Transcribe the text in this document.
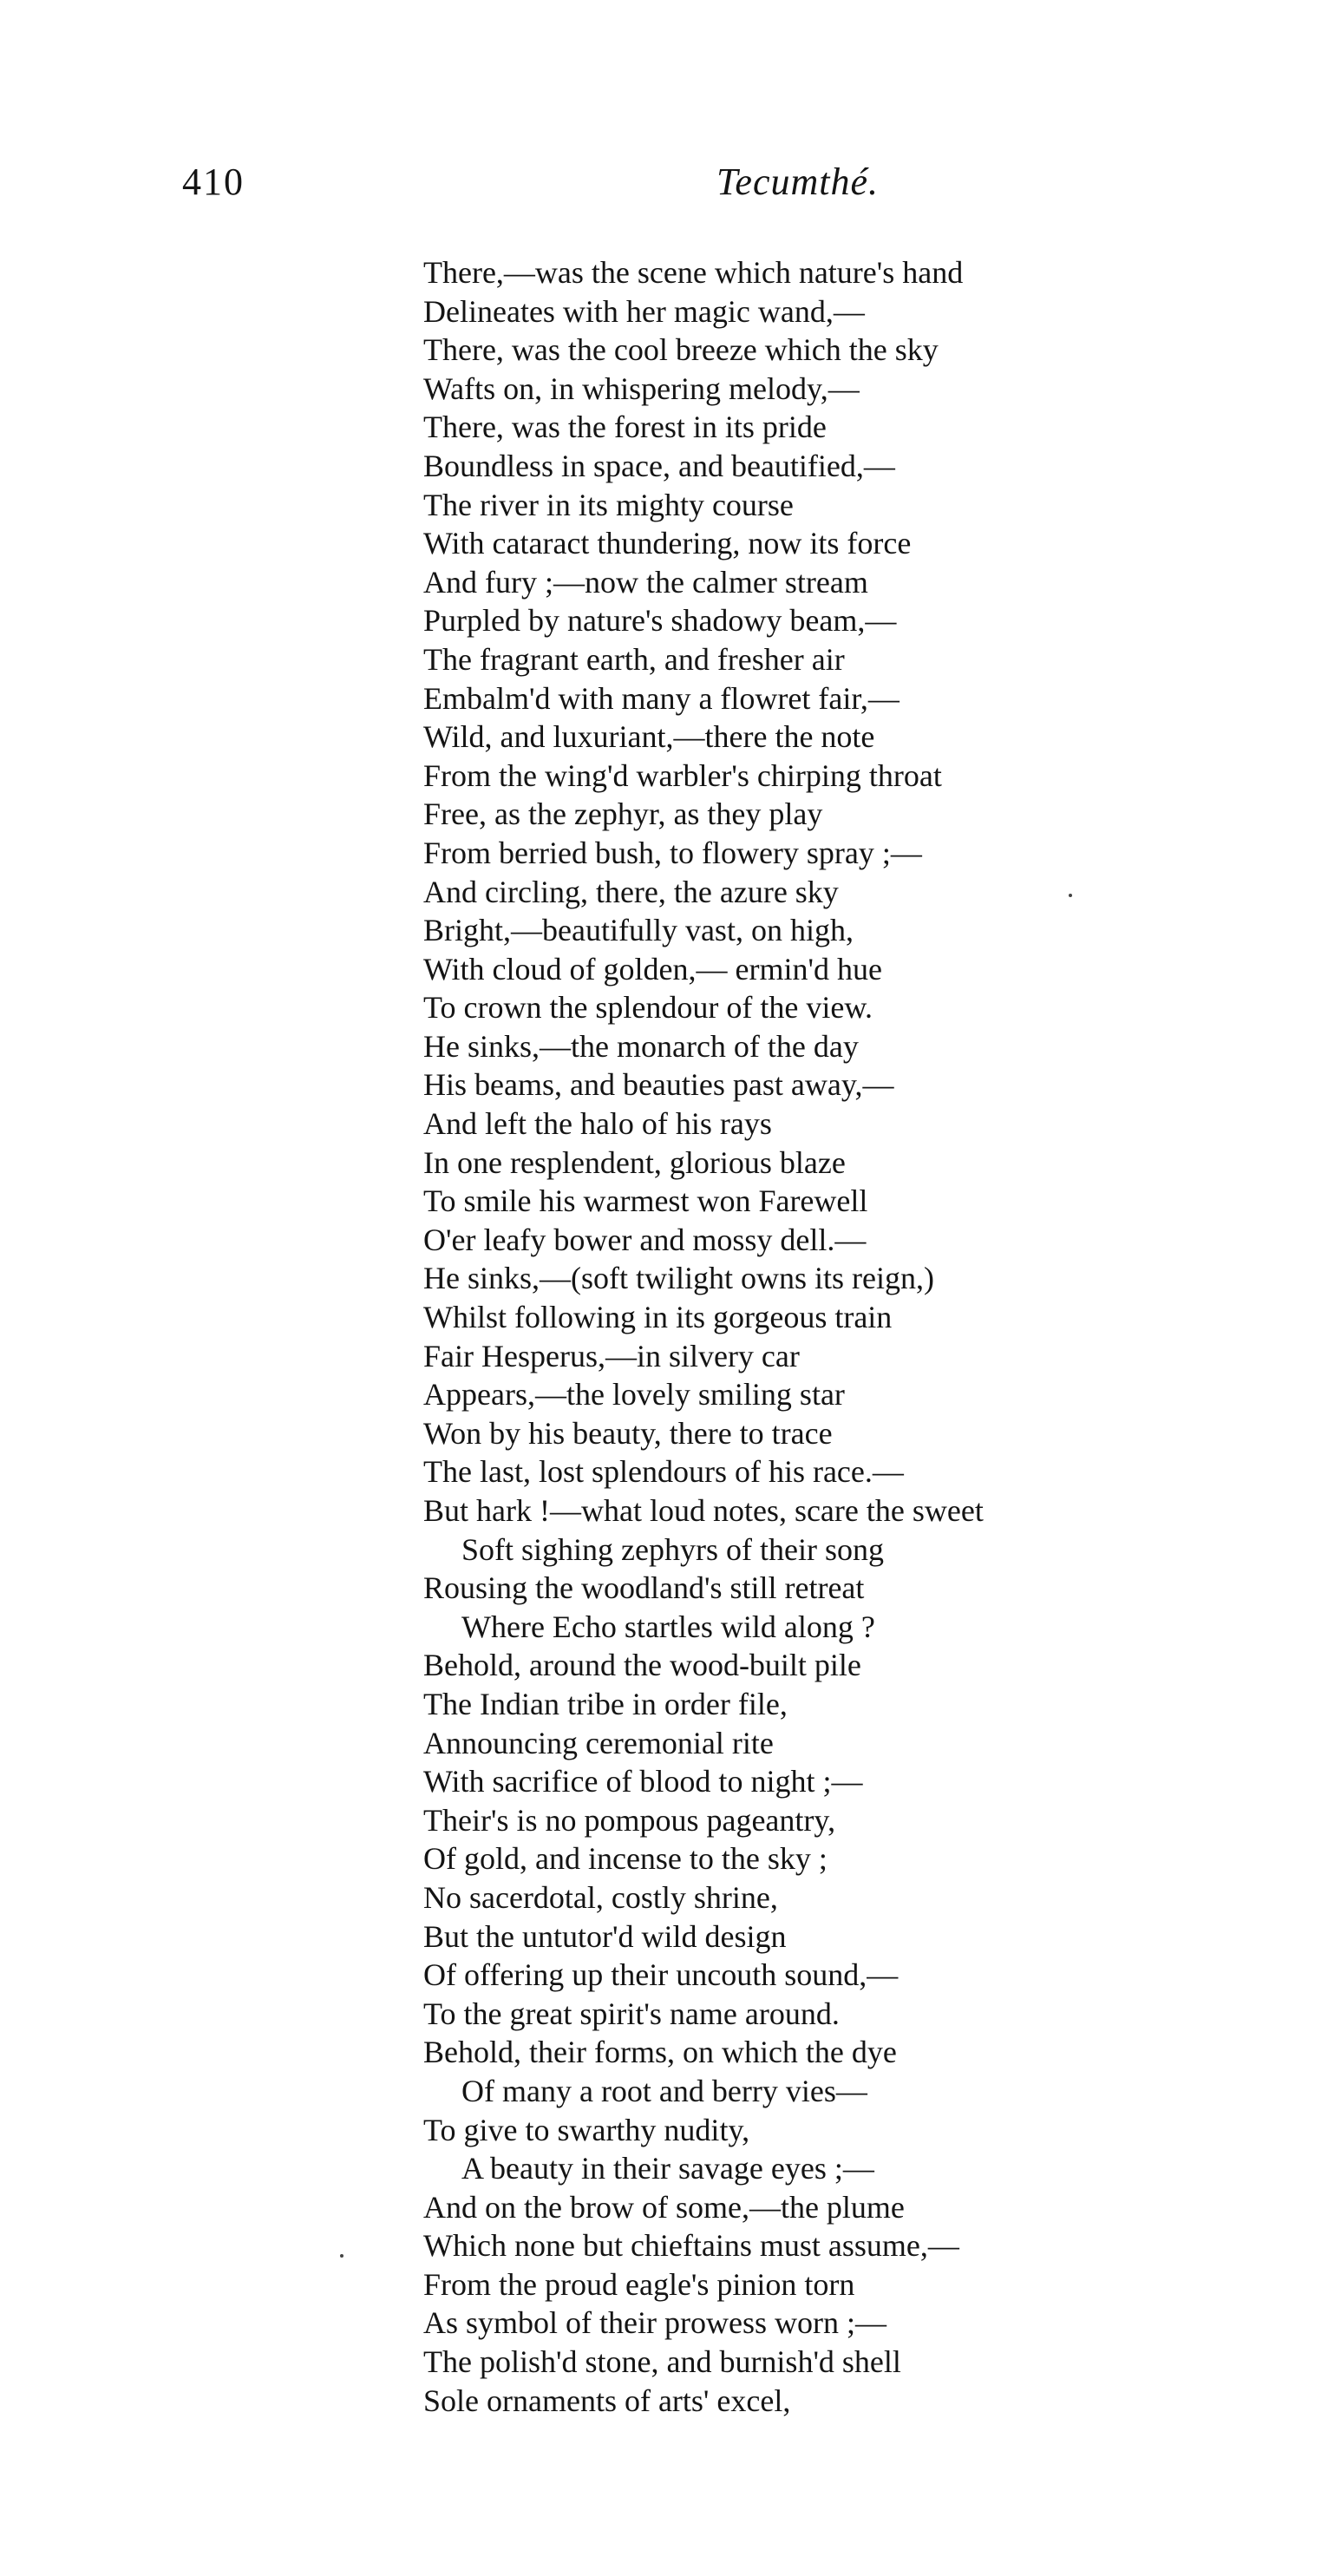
410	Tecumthé.
There,—was the scene which nature's hand
Delineates with her magic wand,—
There, was the cool breeze which the sky
Wafts on, in whispering melody,—
There, was the forest in its pride
Boundless in space, and beautified,—
The river in its mighty course
With cataract thundering, now its force
And fury ;—now the calmer stream
Purpled by nature's shadowy beam,—
The fragrant earth, and fresher air
Embalm'd with many a flowret fair,—
Wild, and luxuriant,—there the note
From the wing'd warbler's chirping throat
Free, as the zephyr, as they play
From berried bush, to flowery spray ;—
And circling, there, the azure sky
Bright,—beautifully vast, on high,
With cloud of golden,— ermin'd hue
To crown the splendour of the view.
He sinks,—the monarch of the day
His beams, and beauties past away,—
And left the halo of his rays
In one resplendent, glorious blaze
To smile his warmest won Farewell
O'er leafy bower and mossy dell.—
He sinks,—(soft twilight owns its reign,)
Whilst following in its gorgeous train
Fair Hesperus,—in silvery car
Appears,—the lovely smiling star
Won by his beauty, there to trace
The last, lost splendours of his race.—
But hark !—what loud notes, scare the sweet
Soft sighing zephyrs of their song
Rousing the woodland's still retreat
Where Echo startles wild along ?
Behold, around the wood-built pile
The Indian tribe in order file,
Announcing ceremonial rite
With sacrifice of blood to night ;—
Their's is no pompous pageantry,
Of gold, and incense to the sky ;
No sacerdotal, costly shrine,
But the untutor'd wild design
Of offering up their uncouth sound,—
To the great spirit's name around.
Behold, their forms, on which the dye
Of many a root and berry vies—
To give to swarthy nudity,
A beauty in their savage eyes ;—
And on the brow of some,—the plume
Which none but chieftains must assume,—
From the proud eagle's pinion torn
As symbol of their prowess worn ;—
The polish'd stone, and burnish'd shell
Sole ornaments of arts' excel,
